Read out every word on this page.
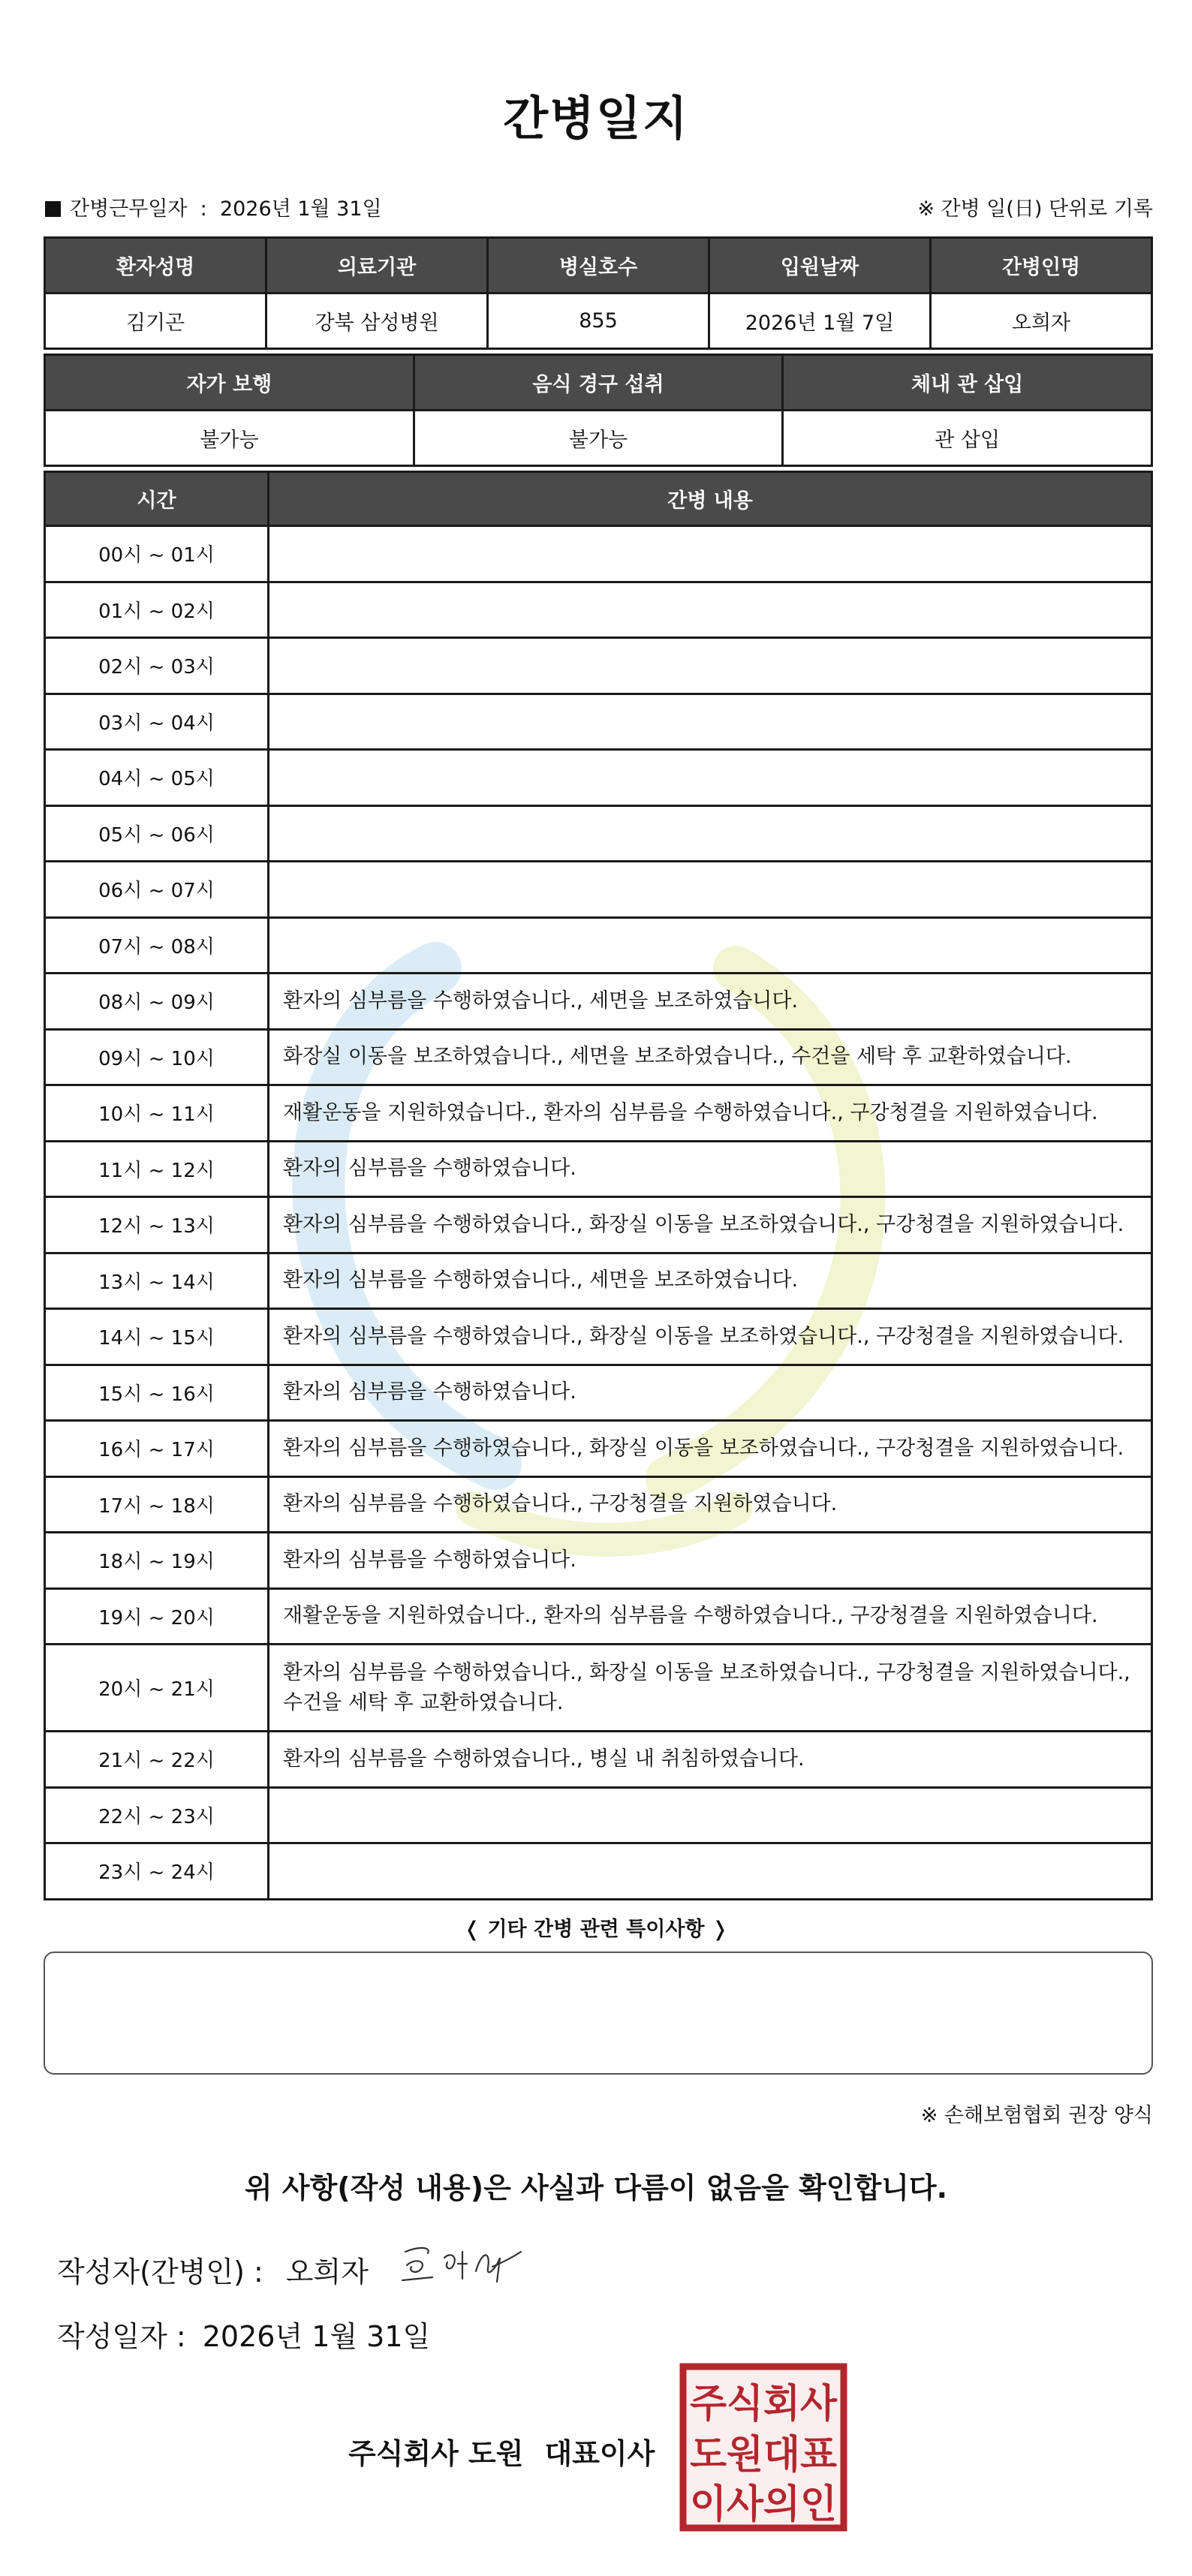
간병일지
간병근무일자 : 2026년 1월 31일	※ 간병 일(日) 단위로 기록
환자성명	의료기관	병실호수	입원날짜	간병인명
김기곤	강북 삼성병원	855	2026년 1월 7일	오희자
자가 보행	음식 경구 섭취	체내 관 삽입
불가능	불가능	관 삽입
시간	간병 내용
00시 ~ 01시	
01시 ~ 02시	
02시 ~ 03시	
03시 ~ 04시	
04시 ~ 05시	
05시 ~ 06시	
06시 ~ 07시	
07시 ~ 08시	
08시 ~ 09시	환자의 심부름을 수행하였습니다., 세면을 보조하였습니다.
09시 ~ 10시	화장실 이동을 보조하였습니다., 세면을 보조하였습니다., 수건을 세탁 후 교환하였습니다.
10시 ~ 11시	재활운동을 지원하였습니다., 환자의 심부름을 수행하였습니다., 구강청결을 지원하였습니다.
11시 ~ 12시	환자의 심부름을 수행하였습니다.
12시 ~ 13시	환자의 심부름을 수행하였습니다., 화장실 이동을 보조하였습니다., 구강청결을 지원하였습니다.
13시 ~ 14시	환자의 심부름을 수행하였습니다., 세면을 보조하였습니다.
14시 ~ 15시	환자의 심부름을 수행하였습니다., 화장실 이동을 보조하였습니다., 구강청결을 지원하였습니다.
15시 ~ 16시	환자의 심부름을 수행하였습니다.
16시 ~ 17시	환자의 심부름을 수행하였습니다., 화장실 이동을 보조하였습니다., 구강청결을 지원하였습니다.
17시 ~ 18시	환자의 심부름을 수행하였습니다., 구강청결을 지원하였습니다.
18시 ~ 19시	환자의 심부름을 수행하였습니다.
19시 ~ 20시	재활운동을 지원하였습니다., 환자의 심부름을 수행하였습니다., 구강청결을 지원하였습니다.
20시 ~ 21시	환자의 심부름을 수행하였습니다., 화장실 이동을 보조하였습니다., 구강청결을 지원하였습니다., 수건을 세탁 후 교환하였습니다.
21시 ~ 22시	환자의 심부름을 수행하였습니다., 병실 내 취침하였습니다.
22시 ~ 23시	
23시 ~ 24시	
❬ 기타 간병 관련 특이사항 ❭
※ 손해보험협회 권장 양식
위 사항(작성 내용)은 사실과 다름이 없음을 확인합니다.
작성자(간병인) : 오희자
작성일자 : 2026년 1월 31일
주식회사 도원 대표이사
주식회사
도원대표
이사의인
